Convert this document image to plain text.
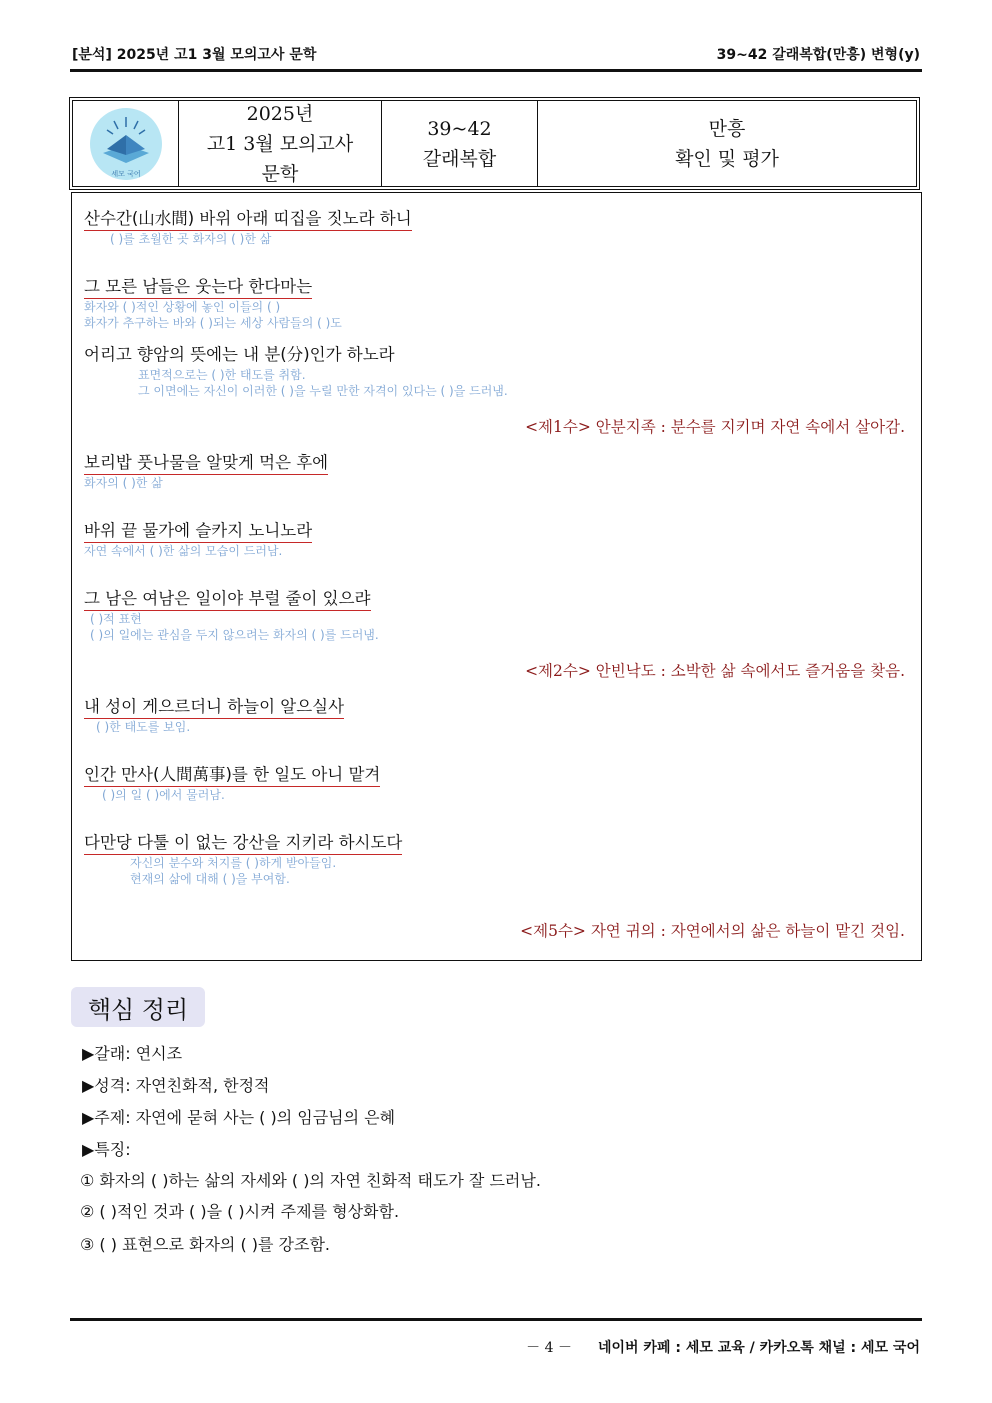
[분석] 2025년 고1 3월 모의고사 문학	39~42 갈래복합(만흥) 변형(y)
세모 국어
2025년
고1 3월 모의고사
문학
39~42
갈래복합
만흥
확인 및 평가
산수간(山水間) 바위 아래 띠집을 짓노라 하니
( )를 초월한 곳 화자의 ( )한 삶
그 모른 남들은 웃는다 한다마는
화자와 ( )적인 상황에 놓인 이들의 ( )
화자가 추구하는 바와 ( )되는 세상 사람들의 ( )도
어리고 향암의 뜻에는 내 분(分)인가 하노라
표면적으로는 ( )한 태도를 취함.
그 이면에는 자신이 이러한 ( )을 누릴 만한 자격이 있다는 ( )을 드러냄.
<제1수> 안분지족 : 분수를 지키며 자연 속에서 살아감.
보리밥 풋나물을 알맞게 먹은 후에
화자의 ( )한 삶
바위 끝 물가에 슬카지 노니노라
자연 속에서 ( )한 삶의 모습이 드러남.
그 남은 여남은 일이야 부럴 줄이 있으랴
( )적 표현
( )의 일에는 관심을 두지 않으려는 화자의 ( )를 드러냄.
<제2수> 안빈낙도 : 소박한 삶 속에서도 즐거움을 찾음.
내 성이 게으르더니 하늘이 알으실사
( )한 태도를 보임.
인간 만사(人間萬事)를 한 일도 아니 맡겨
( )의 일 ( )에서 물러남.
다만당 다툴 이 없는 강산을 지키라 하시도다
자신의 분수와 처지를 ( )하게 받아들임.
현재의 삶에 대해 ( )을 부여함.
<제5수> 자연 귀의 : 자연에서의 삶은 하늘이 맡긴 것임.
핵심 정리
▶갈래: 연시조
▶성격: 자연친화적, 한정적
▶주제: 자연에 묻혀 사는 ( )의 임금님의 은혜
▶특징:
① 화자의 ( )하는 삶의 자세와 ( )의 자연 친화적 태도가 잘 드러남.
② ( )적인 것과 ( )을 ( )시켜 주제를 형상화함.
③ ( ) 표현으로 화자의 ( )를 강조함.
－ 4 － 네이버 카페 : 세모 교육 / 카카오톡 채널 : 세모 국어
